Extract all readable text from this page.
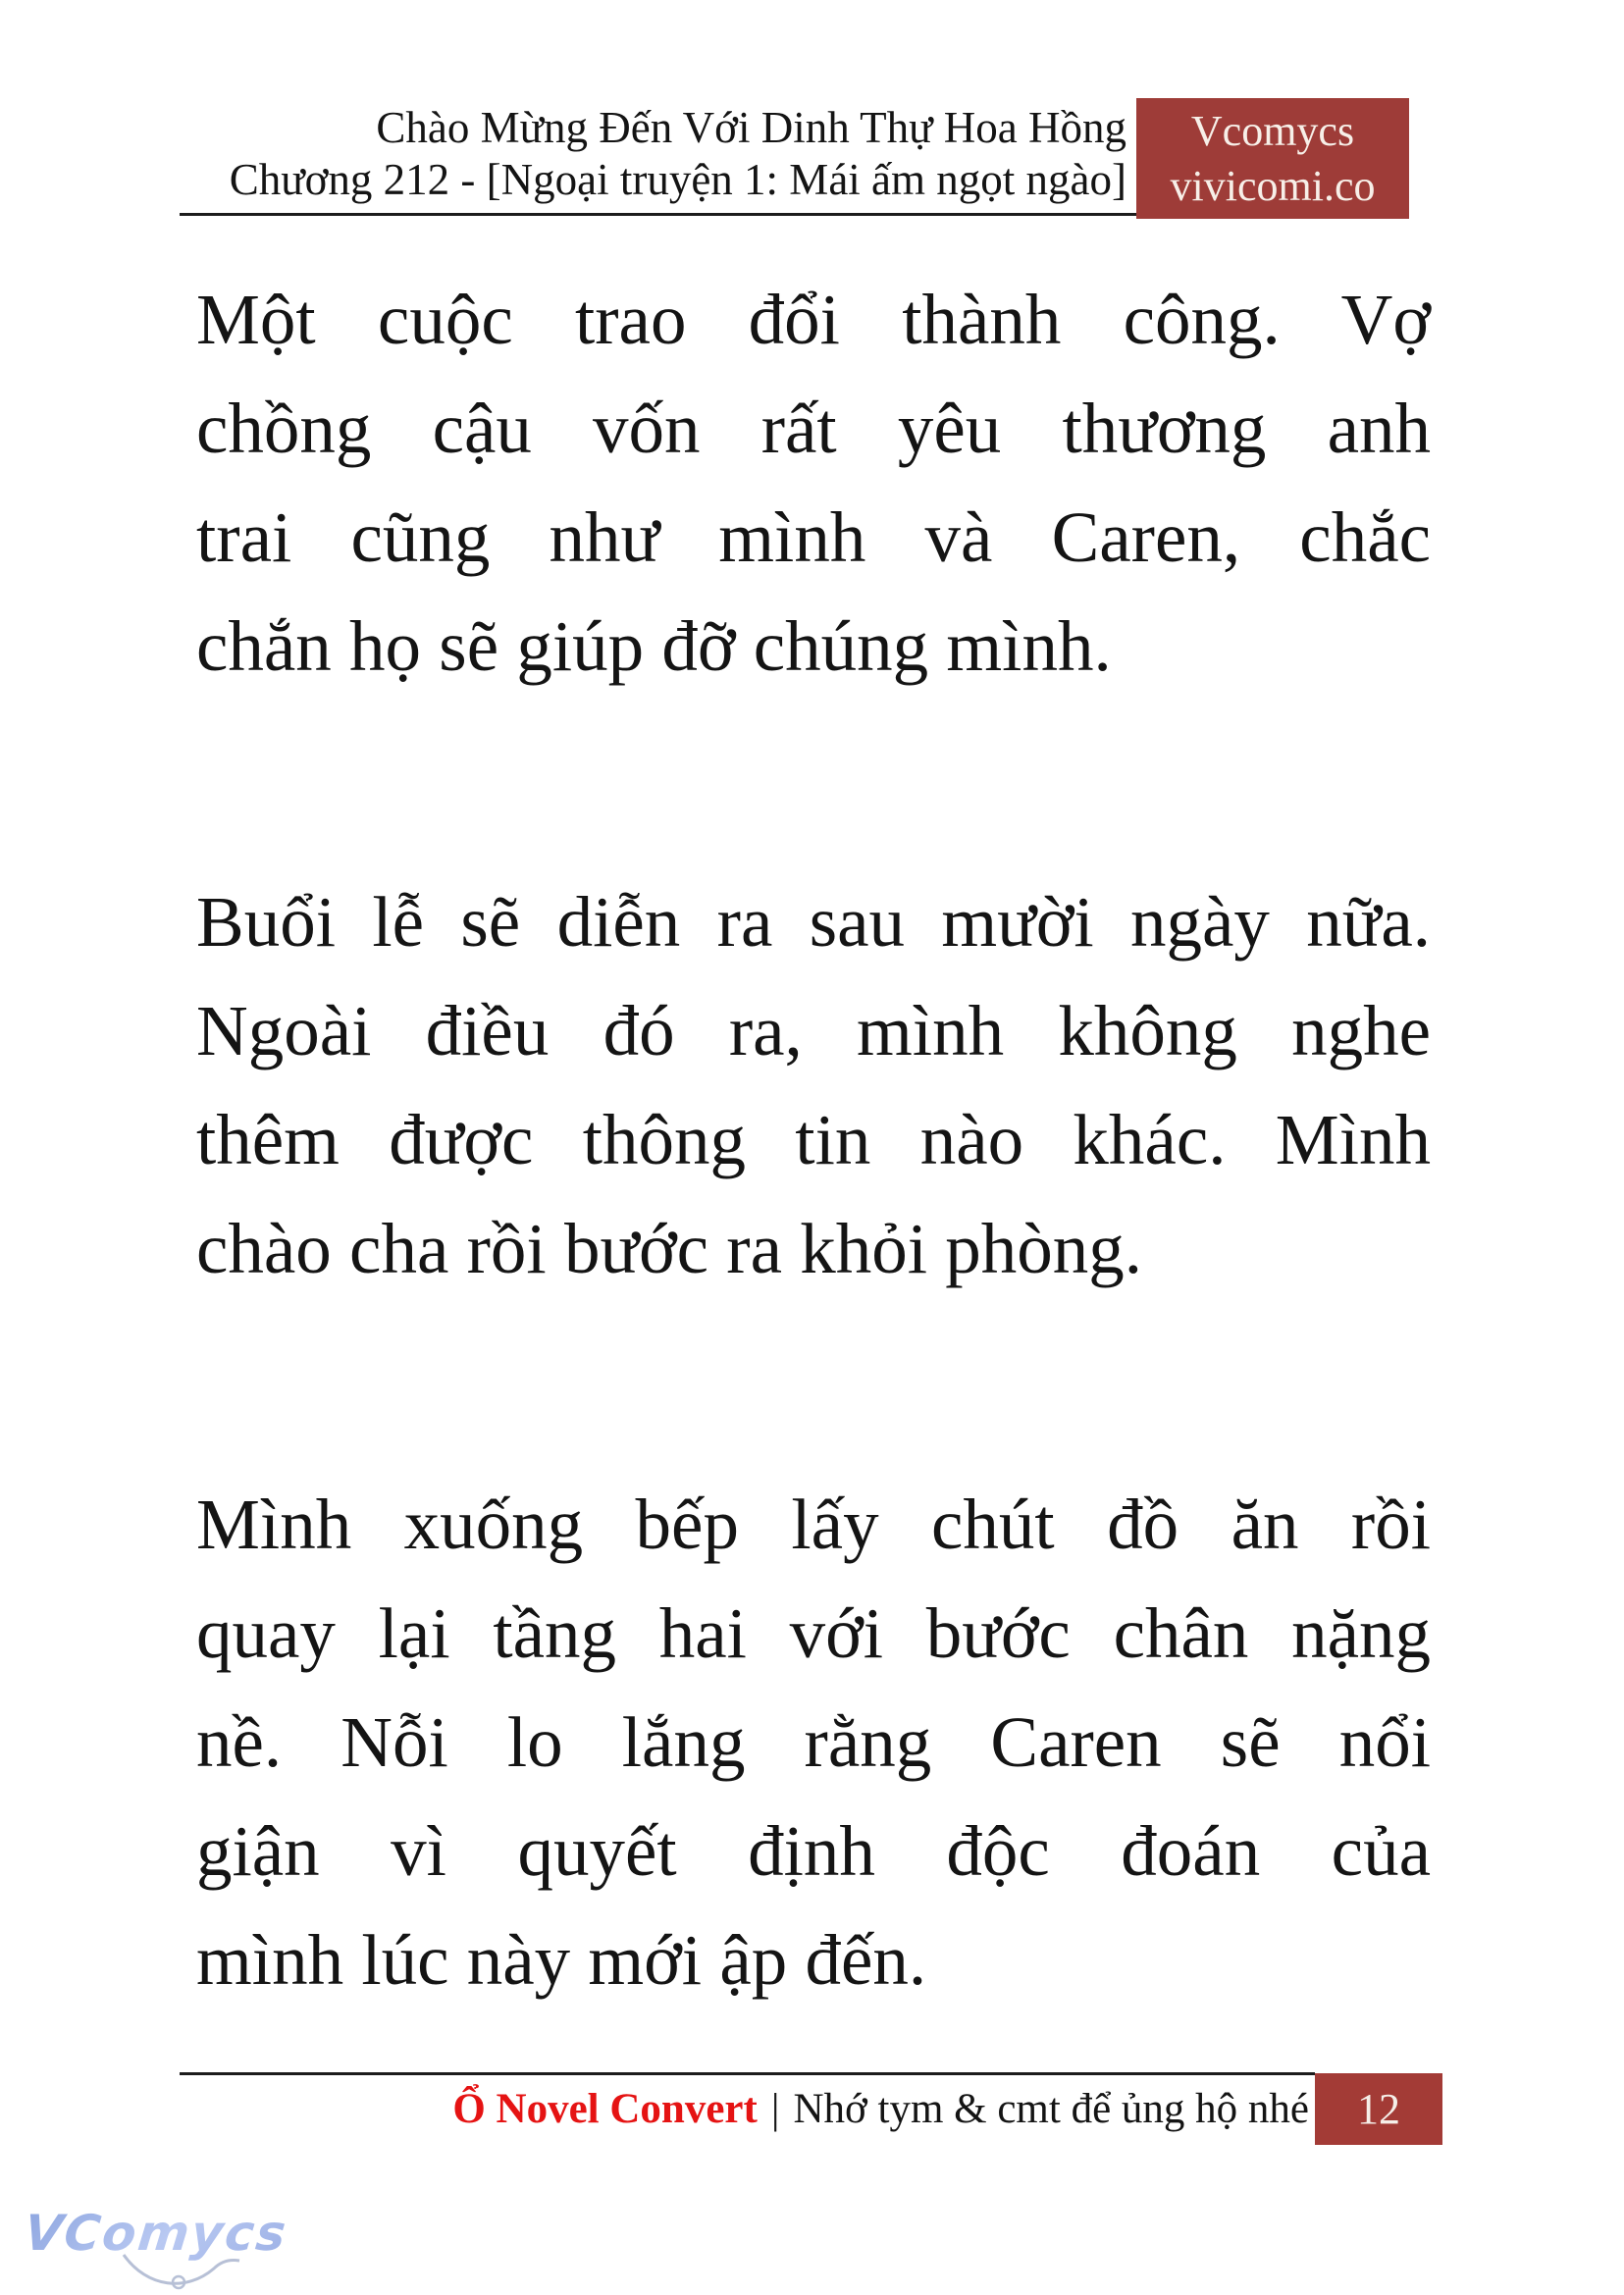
Chào Mừng Đến Với Dinh Thự Hoa Hồng
Chương 212 - [Ngoại truyện 1: Mái ấm ngọt ngào]
Vcomycs
vivicomi.co

Một cuộc trao đổi thành công. Vợ
chồng cậu vốn rất yêu thương anh
trai cũng như mình và Caren, chắc
chắn họ sẽ giúp đỡ chúng mình.

Buổi lễ sẽ diễn ra sau mười ngày nữa.
Ngoài điều đó ra, mình không nghe
thêm được thông tin nào khác. Mình
chào cha rồi bước ra khỏi phòng.

Mình xuống bếp lấy chút đồ ăn rồi
quay lại tầng hai với bước chân nặng
nề. Nỗi lo lắng rằng Caren sẽ nổi
giận vì quyết định độc đoán của
mình lúc này mới ập đến.

Ổ Novel Convert | Nhớ tym & cmt để ủng hộ nhé 12
VComycs
